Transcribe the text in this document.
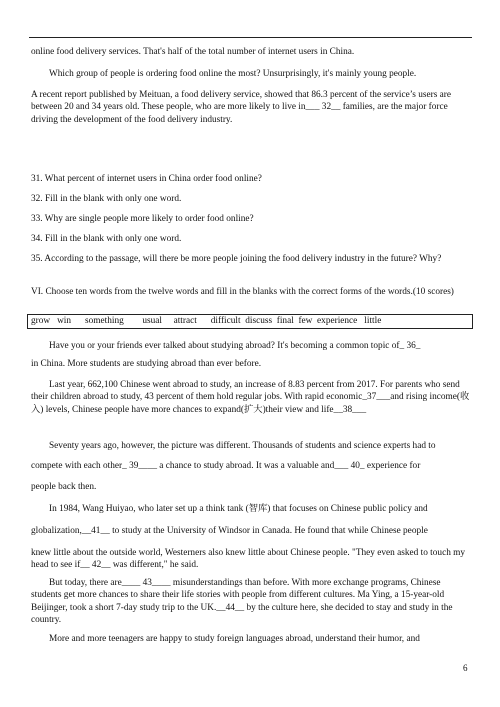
online food delivery services. That's half of the total number of internet users in China.

Which group of people is ordering food online the most? Unsurprisingly, it's mainly young people.

A recent report published by Meituan, a food delivery service, showed that 86.3 percent of the service’s users are between 20 and 34 years old. These people, who are more likely to live in___ 32__ families, are the major force driving the development of the food delivery industry.

31. What percent of internet users in China order food online?

32. Fill in the blank with only one word.

33. Why are single people more likely to order food online?

34. Fill in the blank with only one word.

35. According to the passage, will there be more people joining the food delivery industry in the future? Why?

VI. Choose ten words from the twelve words and fill in the blanks with the correct forms of the words.(10 scores)

grow
win
something
usual
attract
difficult
discuss
final
few
experience
little

Have you or your friends ever talked about studying abroad? It's becoming a common topic of_ 36_

in China. More students are studying abroad than ever before.

Last year, 662,100 Chinese went abroad to study, an increase of 8.83 percent from 2017. For parents who send their children abroad to study, 43 percent of them hold regular jobs. With rapid economic_37___and rising income(收入) levels, Chinese people have more chances to expand(扩大)their view and life__38___

Seventy years ago, however, the picture was different. Thousands of students and science experts had to

compete with each other_ 39____ a chance to study abroad. It was a valuable and___ 40_ experience for

people back then.

In 1984, Wang Huiyao, who later set up a think tank (智库) that focuses on Chinese public policy and

globalization,__41__ to study at the University of Windsor in Canada. He found that while Chinese people

knew little about the outside world, Westerners also knew little about Chinese people. "They even asked to touch my head to see if__ 42__ was different," he said.

But today, there are____ 43____ misunderstandings than before. With more exchange programs, Chinese students get more chances to share their life stories with people from different cultures. Ma Ying, a 15-year-old Beijinger, took a short 7-day study trip to the UK.__44__ by the culture here, she decided to stay and study in the country.

More and more teenagers are happy to study foreign languages abroad, understand their humor, and

6
